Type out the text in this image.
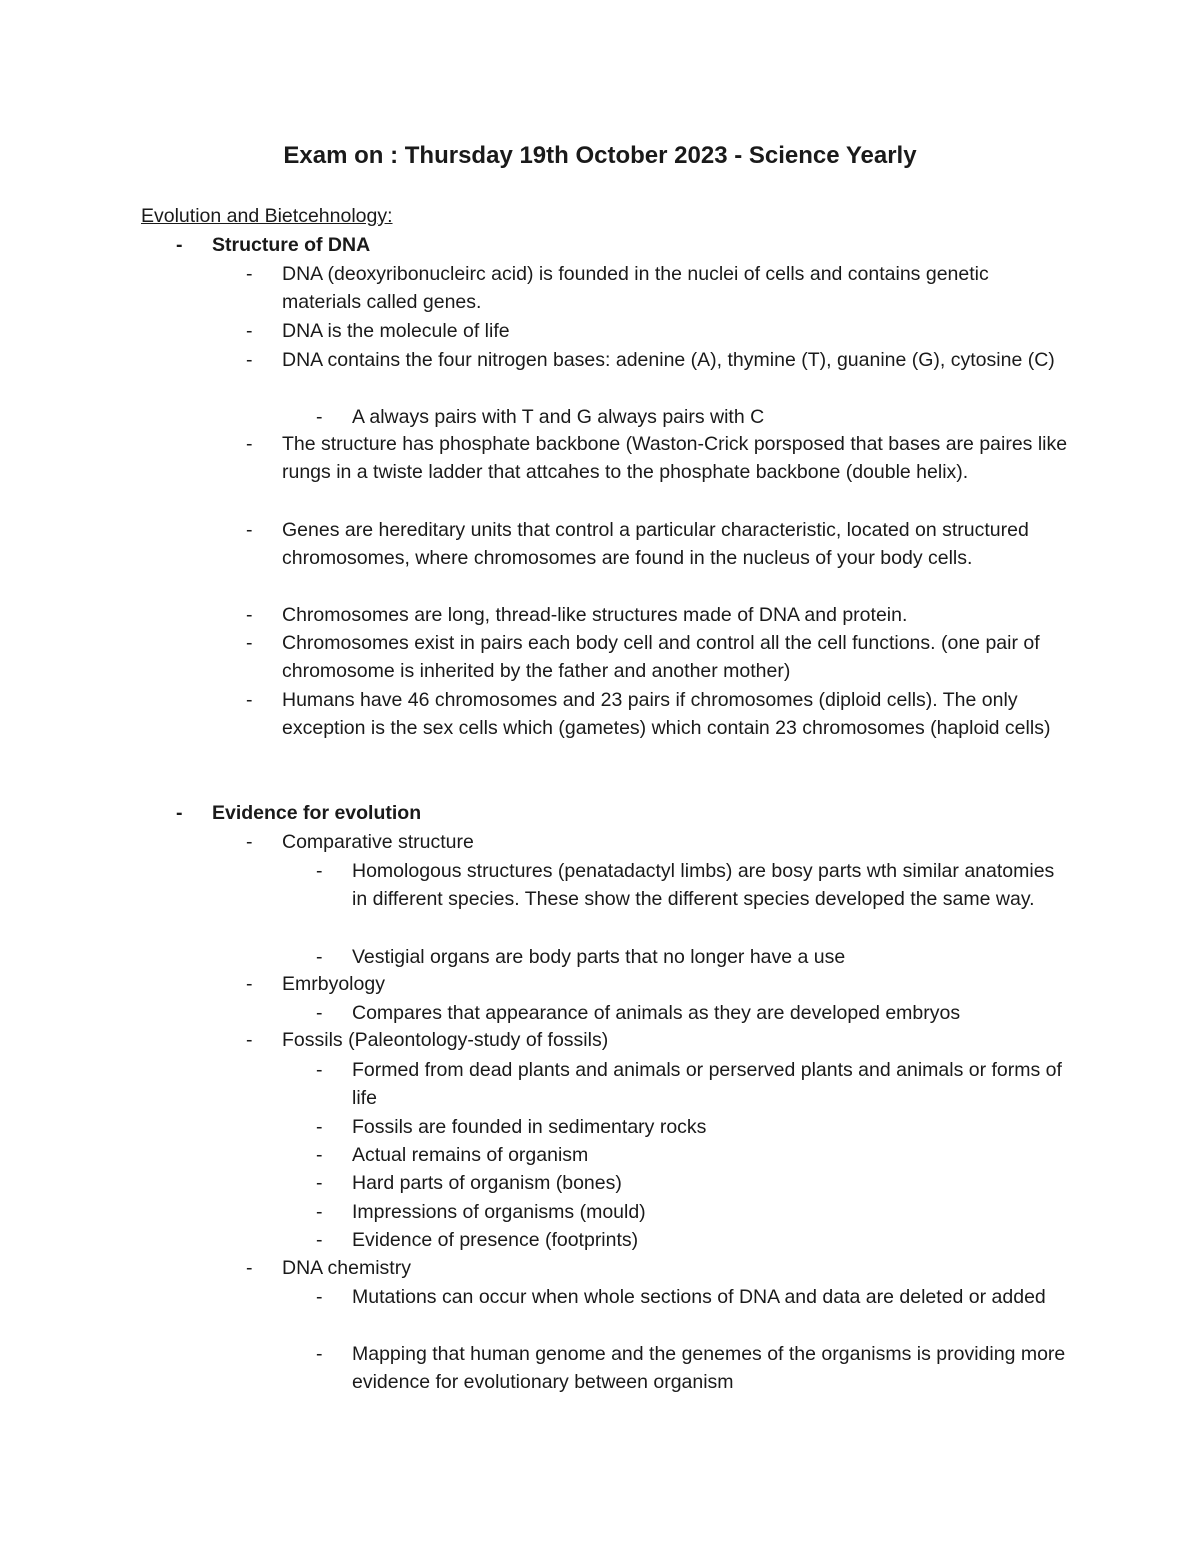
Exam on : Thursday 19th October 2023 - Science Yearly
Evolution and Bietcehnology:
- Structure of DNA
- DNA (deoxyribonucleirc acid) is founded in the nuclei of cells and contains genetic materials called genes.
- DNA is the molecule of life
- DNA contains the four nitrogen bases: adenine (A), thymine (T), guanine (G), cytosine (C)
- A always pairs with T and G always pairs with C
- The structure has phosphate backbone (Waston-Crick porsposed that bases are paires like rungs in a twiste ladder that attcahes to the phosphate backbone (double helix).
- Genes are hereditary units that control a particular characteristic, located on structured chromosomes, where chromosomes are found in the nucleus of your body cells.
- Chromosomes are long, thread-like structures made of DNA and protein.
- Chromosomes exist in pairs each body cell and control all the cell functions. (one pair of chromosome is inherited by the father and another mother)
- Humans have 46 chromosomes and 23 pairs if chromosomes (diploid cells). The only exception is the sex cells which (gametes) which contain 23 chromosomes (haploid cells)
- Evidence for evolution
- Comparative structure
- Homologous structures (penatadactyl limbs) are bosy parts wth similar anatomies in different species. These show the different species developed the same way.
- Vestigial organs are body parts that no longer have a use
- Emrbyology
- Compares that appearance of animals as they are developed embryos
- Fossils (Paleontology-study of fossils)
- Formed from dead plants and animals or perserved plants and animals or forms of life
- Fossils are founded in sedimentary rocks
- Actual remains of organism
- Hard parts of organism (bones)
- Impressions of organisms (mould)
- Evidence of presence (footprints)
- DNA chemistry
- Mutations can occur when whole sections of DNA and data are deleted or added
- Mapping that human genome and the genemes of the organisms is providing more evidence for evolutionary between organism
